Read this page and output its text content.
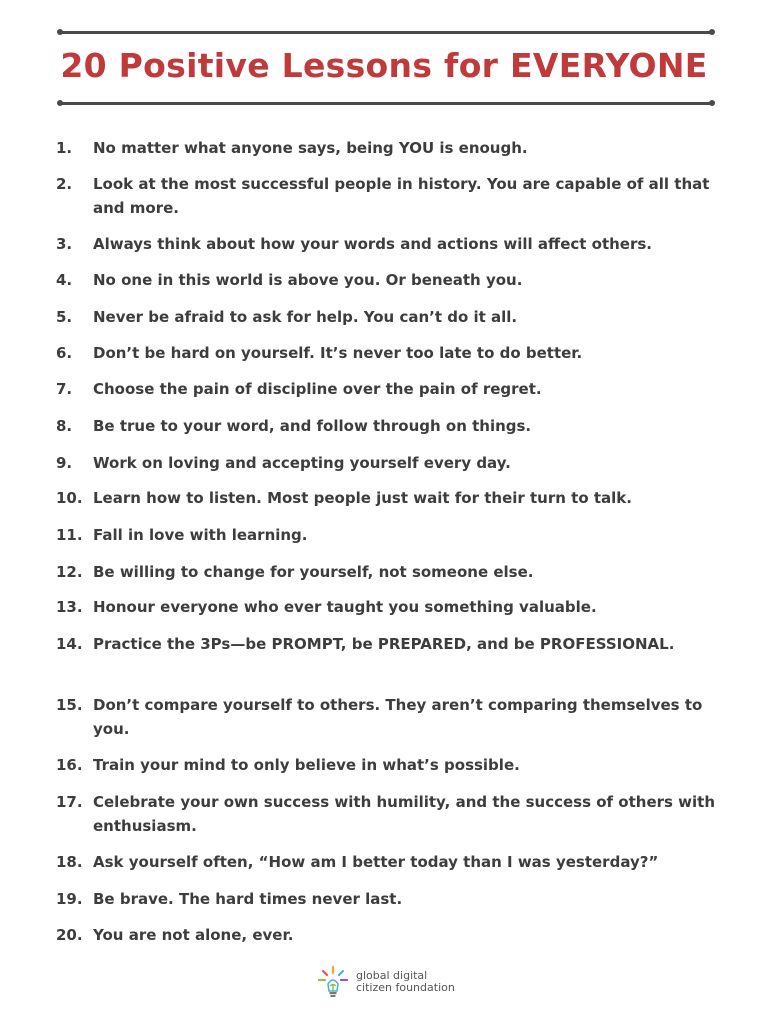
20 Positive Lessons for EVERYONE
1.	No matter what anyone says, being YOU is enough.
2.	Look at the most successful people in history. You are capable of all that and more.
3.	Always think about how your words and actions will affect others.
4.	No one in this world is above you. Or beneath you.
5.	Never be afraid to ask for help. You can’t do it all.
6.	Don’t be hard on yourself. It’s never too late to do better.
7.	Choose the pain of discipline over the pain of regret.
8.	Be true to your word, and follow through on things.
9.	Work on loving and accepting yourself every day.
10. Learn how to listen. Most people just wait for their turn to talk.
11. Fall in love with learning.
12. Be willing to change for yourself, not someone else.
13. Honour everyone who ever taught you something valuable.
14. Practice the 3Ps—be PROMPT, be PREPARED, and be PROFESSIONAL.
15. Don’t compare yourself to others. They aren’t comparing themselves to you.
16. Train your mind to only believe in what’s possible.
17. Celebrate your own success with humility, and the success of others with enthusiasm.
18. Ask yourself often, “How am I better today than I was yesterday?”
19. Be brave. The hard times never last.
20. You are not alone, ever.
global digital
citizen foundation
